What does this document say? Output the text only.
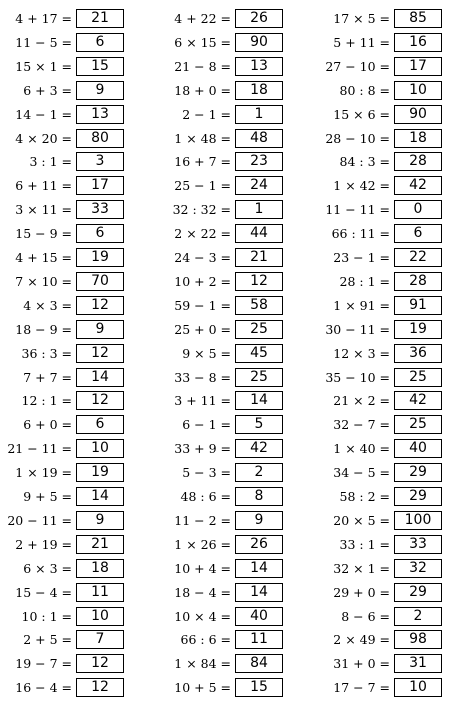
4 + 17 =	21
11 − 5 =	6
15 × 1 =	15
6 + 3 =	9
14 − 1 =	13
4 × 20 =	80
3 : 1 =	3
6 + 11 =	17
3 × 11 =	33
15 − 9 =	6
4 + 15 =	19
7 × 10 =	70
4 × 3 =	12
18 − 9 =	9
36 : 3 =	12
7 + 7 =	14
12 : 1 =	12
6 + 0 =	6
21 − 11 =	10
1 × 19 =	19
9 + 5 =	14
20 − 11 =	9
2 + 19 =	21
6 × 3 =	18
15 − 4 =	11
10 : 1 =	10
2 + 5 =	7
19 − 7 =	12
16 − 4 =	12
4 + 22 =	26
6 × 15 =	90
21 − 8 =	13
18 + 0 =	18
2 − 1 =	1
1 × 48 =	48
16 + 7 =	23
25 − 1 =	24
32 : 32 =	1
2 × 22 =	44
24 − 3 =	21
10 + 2 =	12
59 − 1 =	58
25 + 0 =	25
9 × 5 =	45
33 − 8 =	25
3 + 11 =	14
6 − 1 =	5
33 + 9 =	42
5 − 3 =	2
48 : 6 =	8
11 − 2 =	9
1 × 26 =	26
10 + 4 =	14
18 − 4 =	14
10 × 4 =	40
66 : 6 =	11
1 × 84 =	84
10 + 5 =	15
17 × 5 =	85
5 + 11 =	16
27 − 10 =	17
80 : 8 =	10
15 × 6 =	90
28 − 10 =	18
84 : 3 =	28
1 × 42 =	42
11 − 11 =	0
66 : 11 =	6
23 − 1 =	22
28 : 1 =	28
1 × 91 =	91
30 − 11 =	19
12 × 3 =	36
35 − 10 =	25
21 × 2 =	42
32 − 7 =	25
1 × 40 =	40
34 − 5 =	29
58 : 2 =	29
20 × 5 =	100
33 : 1 =	33
32 × 1 =	32
29 + 0 =	29
8 − 6 =	2
2 × 49 =	98
31 + 0 =	31
17 − 7 =	10
